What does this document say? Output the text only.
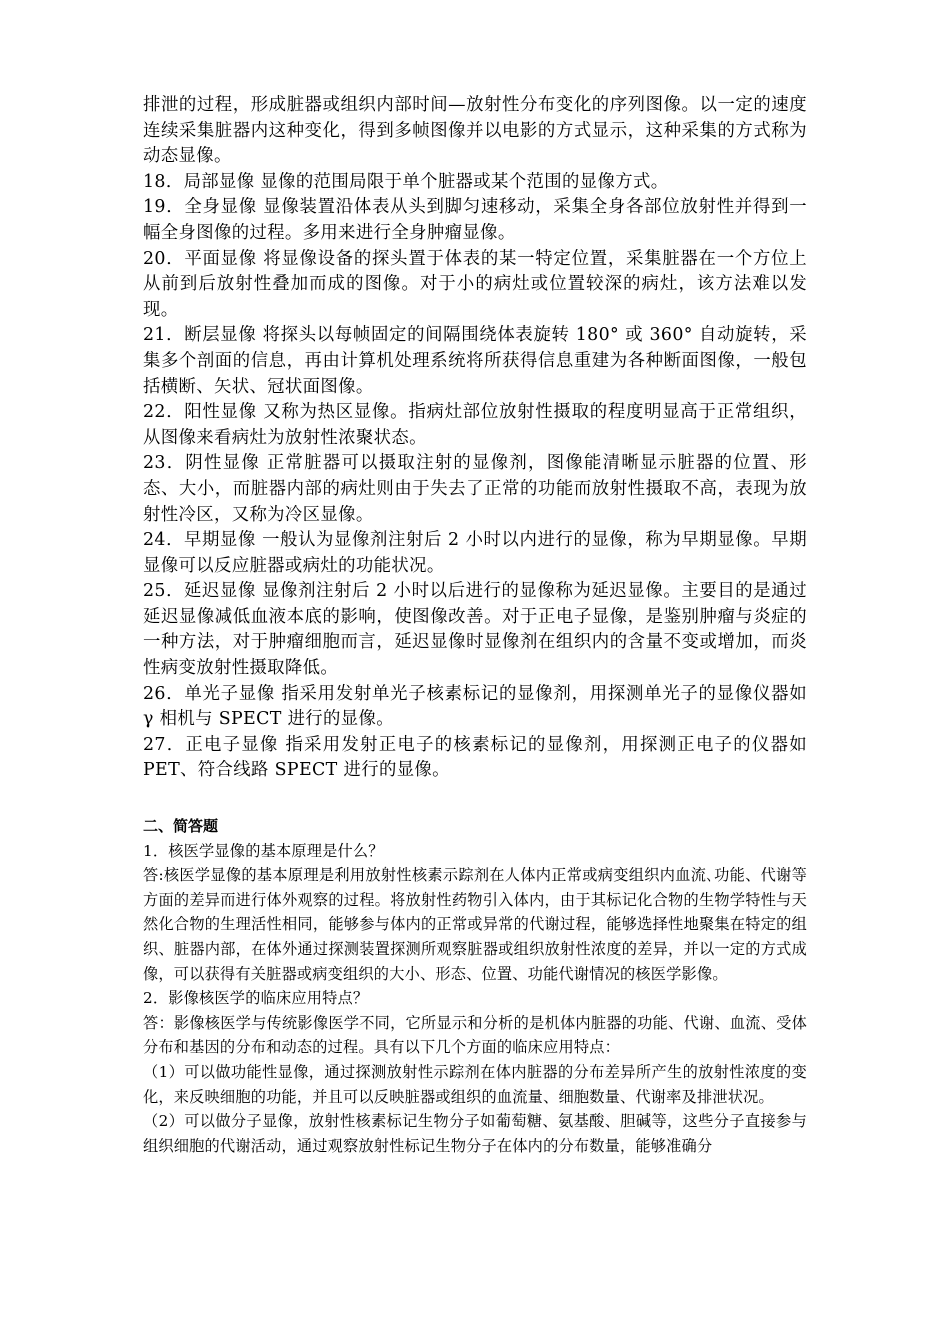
排泄的过程，形成脏器或组织内部时间—放射性分布变化的序列图像。以一定的速度连续采集脏器内这种变化，得到多帧图像并以电影的方式显示，这种采集的方式称为动态显像。

18．局部显像 显像的范围局限于单个脏器或某个范围的显像方式。

19．全身显像 显像装置沿体表从头到脚匀速移动，采集全身各部位放射性并得到一幅全身图像的过程。多用来进行全身肿瘤显像。

20．平面显像 将显像设备的探头置于体表的某一特定位置，采集脏器在一个方位上从前到后放射性叠加而成的图像。对于小的病灶或位置较深的病灶，该方法难以发现。

21．断层显像 将探头以每帧固定的间隔围绕体表旋转 180° 或 360° 自动旋转，采集多个剖面的信息，再由计算机处理系统将所获得信息重建为各种断面图像，一般包括横断、矢状、冠状面图像。

22．阳性显像 又称为热区显像。指病灶部位放射性摄取的程度明显高于正常组织，从图像来看病灶为放射性浓聚状态。

23．阴性显像 正常脏器可以摄取注射的显像剂，图像能清晰显示脏器的位置、形态、大小，而脏器内部的病灶则由于失去了正常的功能而放射性摄取不高，表现为放射性冷区，又称为冷区显像。

24．早期显像 一般认为显像剂注射后 2 小时以内进行的显像，称为早期显像。早期显像可以反应脏器或病灶的功能状况。

25．延迟显像 显像剂注射后 2 小时以后进行的显像称为延迟显像。主要目的是通过延迟显像减低血液本底的影响，使图像改善。对于正电子显像，是鉴别肿瘤与炎症的一种方法，对于肿瘤细胞而言，延迟显像时显像剂在组织内的含量不变或增加，而炎性病变放射性摄取降低。

26．单光子显像 指采用发射单光子核素标记的显像剂，用探测单光子的显像仪器如 γ 相机与 SPECT 进行的显像。

27．正电子显像 指采用发射正电子的核素标记的显像剂，用探测正电子的仪器如 PET、符合线路 SPECT 进行的显像。

二、简答题

1．核医学显像的基本原理是什么？

答:核医学显像的基本原理是利用放射性核素示踪剂在人体内正常或病变组织内血流､功能、代谢等方面的差异而进行体外观察的过程。将放射性药物引入体内，由于其标记化合物的生物学特性与天然化合物的生理活性相同，能够参与体内的正常或异常的代谢过程，能够选择性地聚集在特定的组织、脏器内部，在体外通过探测装置探测所观察脏器或组织放射性浓度的差异，并以一定的方式成像，可以获得有关脏器或病变组织的大小、形态、位置、功能代谢情况的核医学影像。

2．影像核医学的临床应用特点？

答：影像核医学与传统影像医学不同，它所显示和分析的是机体内脏器的功能、代谢、血流、受体分布和基因的分布和动态的过程。具有以下几个方面的临床应用特点：

（1）可以做功能性显像，通过探测放射性示踪剂在体内脏器的分布差异所产生的放射性浓度的变化，来反映细胞的功能，并且可以反映脏器或组织的血流量、细胞数量、代谢率及排泄状况。

（2）可以做分子显像，放射性核素标记生物分子如葡萄糖、氨基酸、胆碱等，这些分子直接参与组织细胞的代谢活动，通过观察放射性标记生物分子在体内的分布数量，能够准确分
